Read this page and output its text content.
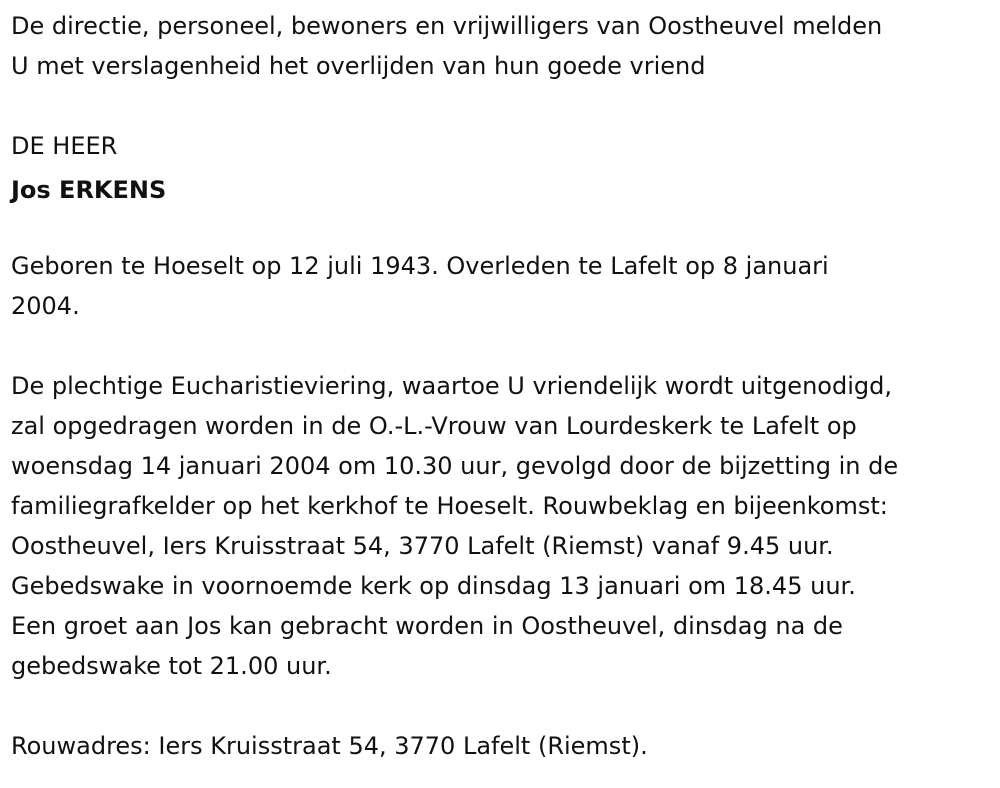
De directie, personeel, bewoners en vrijwilligers van Oostheuvel melden

U met verslagenheid het overlijden van hun goede vriend

DE HEER

Jos ERKENS

Geboren te Hoeselt op 12 juli 1943. Overleden te Lafelt op 8 januari

2004.

De plechtige Eucharistieviering, waartoe U vriendelijk wordt uitgenodigd,

zal opgedragen worden in de O.-L.-Vrouw van Lourdeskerk te Lafelt op

woensdag 14 januari 2004 om 10.30 uur, gevolgd door de bijzetting in de

familiegrafkelder op het kerkhof te Hoeselt. Rouwbeklag en bijeenkomst:

Oostheuvel, Iers Kruisstraat 54, 3770 Lafelt (Riemst) vanaf 9.45 uur.

Gebedswake in voornoemde kerk op dinsdag 13 januari om 18.45 uur.

Een groet aan Jos kan gebracht worden in Oostheuvel, dinsdag na de

gebedswake tot 21.00 uur.

Rouwadres: Iers Kruisstraat 54, 3770 Lafelt (Riemst).
